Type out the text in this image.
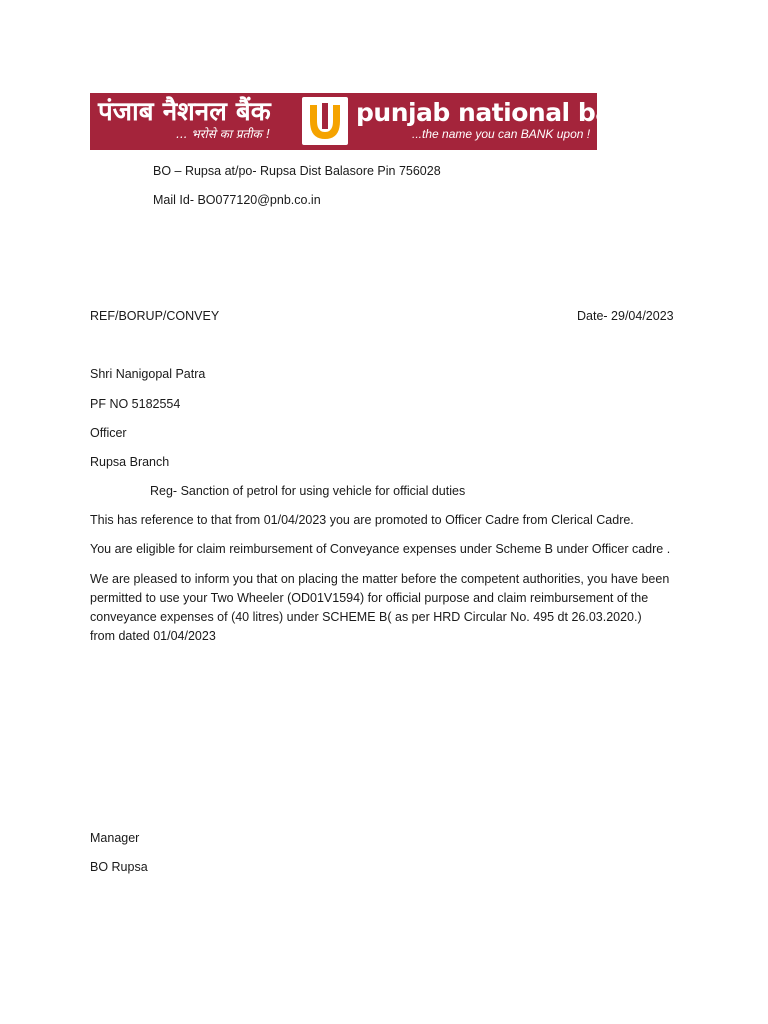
पंजाब नैशनल बैंक
... भरोसे का प्रतीक !
punjab national bank
...the name you can BANK upon !
BO – Rupsa at/po- Rupsa Dist Balasore Pin 756028
Mail Id- BO077120@pnb.co.in
REF/BORUP/CONVEY	Date- 29/04/2023
Shri Nanigopal Patra
PF NO 5182554
Officer
Rupsa Branch
Reg- Sanction of petrol for using vehicle for official duties
This has reference to that from 01/04/2023 you are promoted to Officer Cadre from Clerical Cadre.
You are eligible for claim reimbursement of Conveyance expenses under Scheme B under Officer cadre .
We are pleased to inform you that on placing the matter before the competent authorities, you have been permitted to use your Two Wheeler (OD01V1594) for official purpose and claim reimbursement of the conveyance expenses of (40 litres) under SCHEME B( as per HRD Circular No. 495 dt 26.03.2020.) from dated 01/04/2023
Manager
BO Rupsa
